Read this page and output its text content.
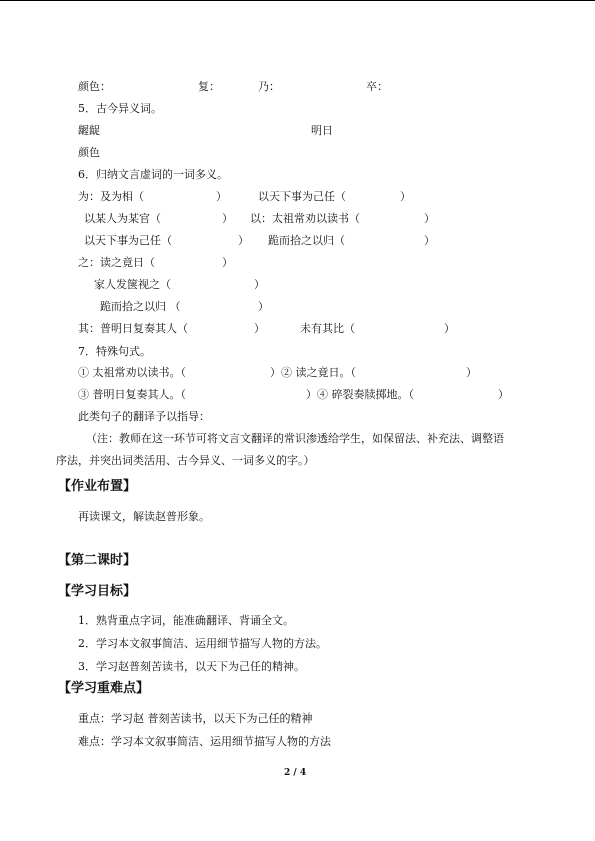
颜色：	复：	乃：	卒：
5．古今异义词。
龌龊	明日
颜色
6．归纳文言虚词的一词多义。
为：及为相（	）	以天下事为己任（	）
以某人为某官（	） 以：太祖常劝以读书（	）
以天下事为己任（	） 跪而拾之以归（	）
之：读之竟日（	）
家人发箧视之（	）
跪而拾之以归 （	）
其：普明日复奏其人（	）	未有其比（	）
7．特殊句式。
① 太祖常劝以读书。（	）② 读之竟日。（	）
③ 普明日复奏其人。（	）④ 碎裂奏牍掷地。（	）
此类句子的翻译予以指导：
（注：教师在这一环节可将文言文翻译的常识渗透给学生，如保留法、补充法、调整语
序法，并突出词类活用、古今异义、一词多义的字。）
【作业布置】
再读课文，解读赵普形象。
【第二课时】
【学习目标】
1．熟背重点字词，能准确翻译、背诵全文。
2．学习本文叙事简洁、运用细节描写人物的方法。
3．学习赵普刻苦读书，以天下为己任的精神。
【学习重难点】
重点：学习赵 普刻苦读书，以天下为己任的精神
难点：学习本文叙事简洁、运用细节描写人物的方法
2 / 4
